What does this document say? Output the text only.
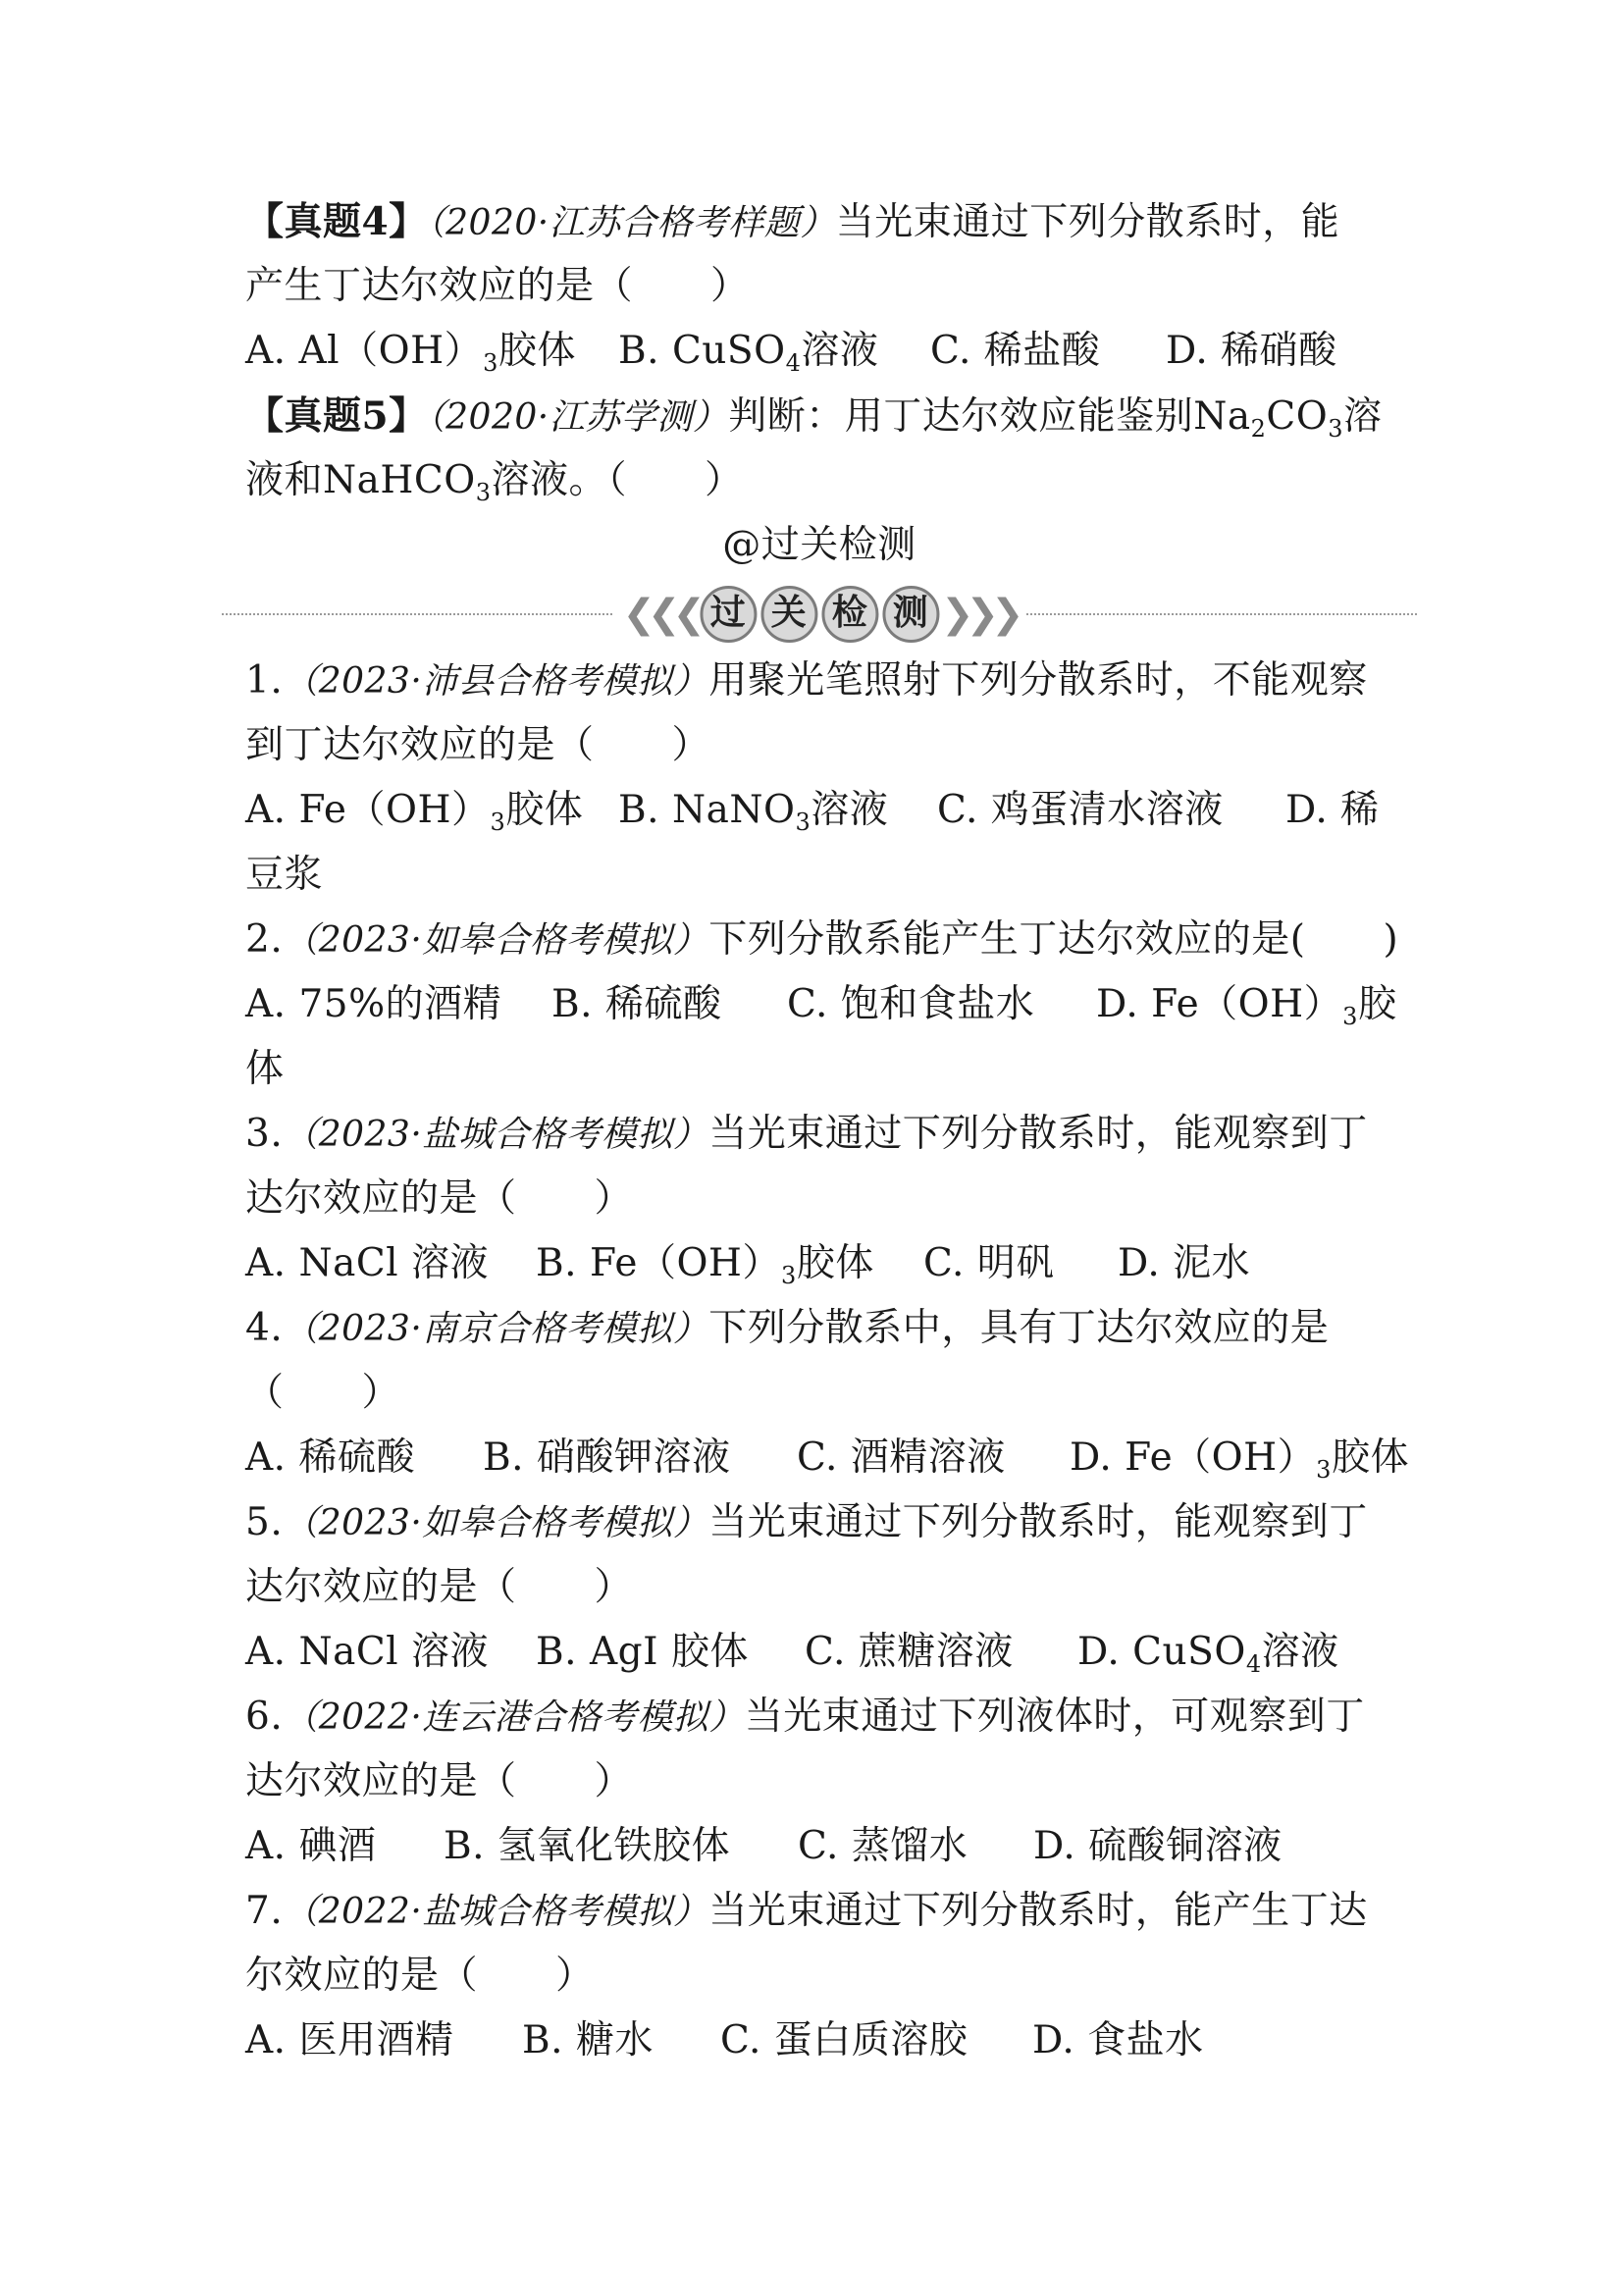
【真题4】（2020·江苏合格考样题）当光束通过下列分散系时，能
产生丁达尔效应的是（　　）
A. $Al(OH)_3$胶体 B. CuSO$_4$溶液 C. 稀盐酸 D. 稀硝酸
【真题5】（2020·江苏学测）判断：用丁达尔效应能鉴别$Na_2CO_3$溶
液和NaHCO$_3$溶液。（　　）
@过关检测
❮❮❮ 过 关 检 测 ❯❯❯
1.（2023·沛县合格考模拟）用聚光笔照射下列分散系时，不能观察
到丁达尔效应的是（　　）
A. $Fe(OH)_3$胶体 B. NaNO$_3$溶液 C. 鸡蛋清水溶液 D. 稀
豆浆
2.（2023·如皋合格考模拟）下列分散系能产生丁达尔效应的是(　　)
A. 75%的酒精 B. 稀硫酸 C. 饱和食盐水 D. $Fe(OH)_3$胶
体
3.（2023·盐城合格考模拟）当光束通过下列分散系时，能观察到丁
达尔效应的是（　　）
A. NaCl 溶液 B. $Fe(OH)_3$胶体 C. 明矾 D. 泥水
4.（2023·南京合格考模拟）下列分散系中，具有丁达尔效应的是
（　　）
A. 稀硫酸 B. 硝酸钾溶液 C. 酒精溶液 D. $Fe(OH)_3$胶体
5.（2023·如皋合格考模拟）当光束通过下列分散系时，能观察到丁
达尔效应的是（　　）
A. NaCl 溶液 B. AgI 胶体 C. 蔗糖溶液 D. CuSO$_4$溶液
6.（2022·连云港合格考模拟）当光束通过下列液体时，可观察到丁
达尔效应的是（　　）
A. 碘酒 B. 氢氧化铁胶体 C. 蒸馏水 D. 硫酸铜溶液
7.（2022·盐城合格考模拟）当光束通过下列分散系时，能产生丁达
尔效应的是（　　）
A. 医用酒精 B. 糖水 C. 蛋白质溶胶 D. 食盐水
